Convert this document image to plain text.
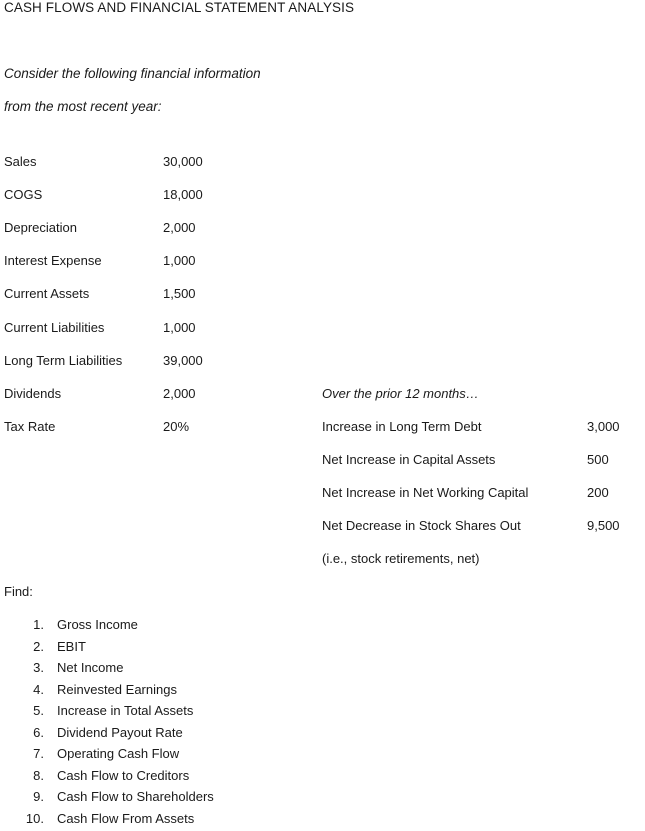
CASH FLOWS AND FINANCIAL STATEMENT ANALYSIS
Consider the following financial information
from the most recent year:
Sales	30,000
COGS	18,000
Depreciation	2,000
Interest Expense	1,000
Current Assets	1,500
Current Liabilities	1,000
Long Term Liabilities	39,000
Dividends	2,000
Tax Rate	20%
Over the prior 12 months…
Increase in Long Term Debt	3,000
Net Increase in Capital Assets	500
Net Increase in Net Working Capital	200
Net Decrease in Stock Shares Out	9,500
(i.e., stock retirements, net)
Find:
1. Gross Income
2. EBIT
3. Net Income
4. Reinvested Earnings
5. Increase in Total Assets
6. Dividend Payout Rate
7. Operating Cash Flow
8. Cash Flow to Creditors
9. Cash Flow to Shareholders
10. Cash Flow From Assets
